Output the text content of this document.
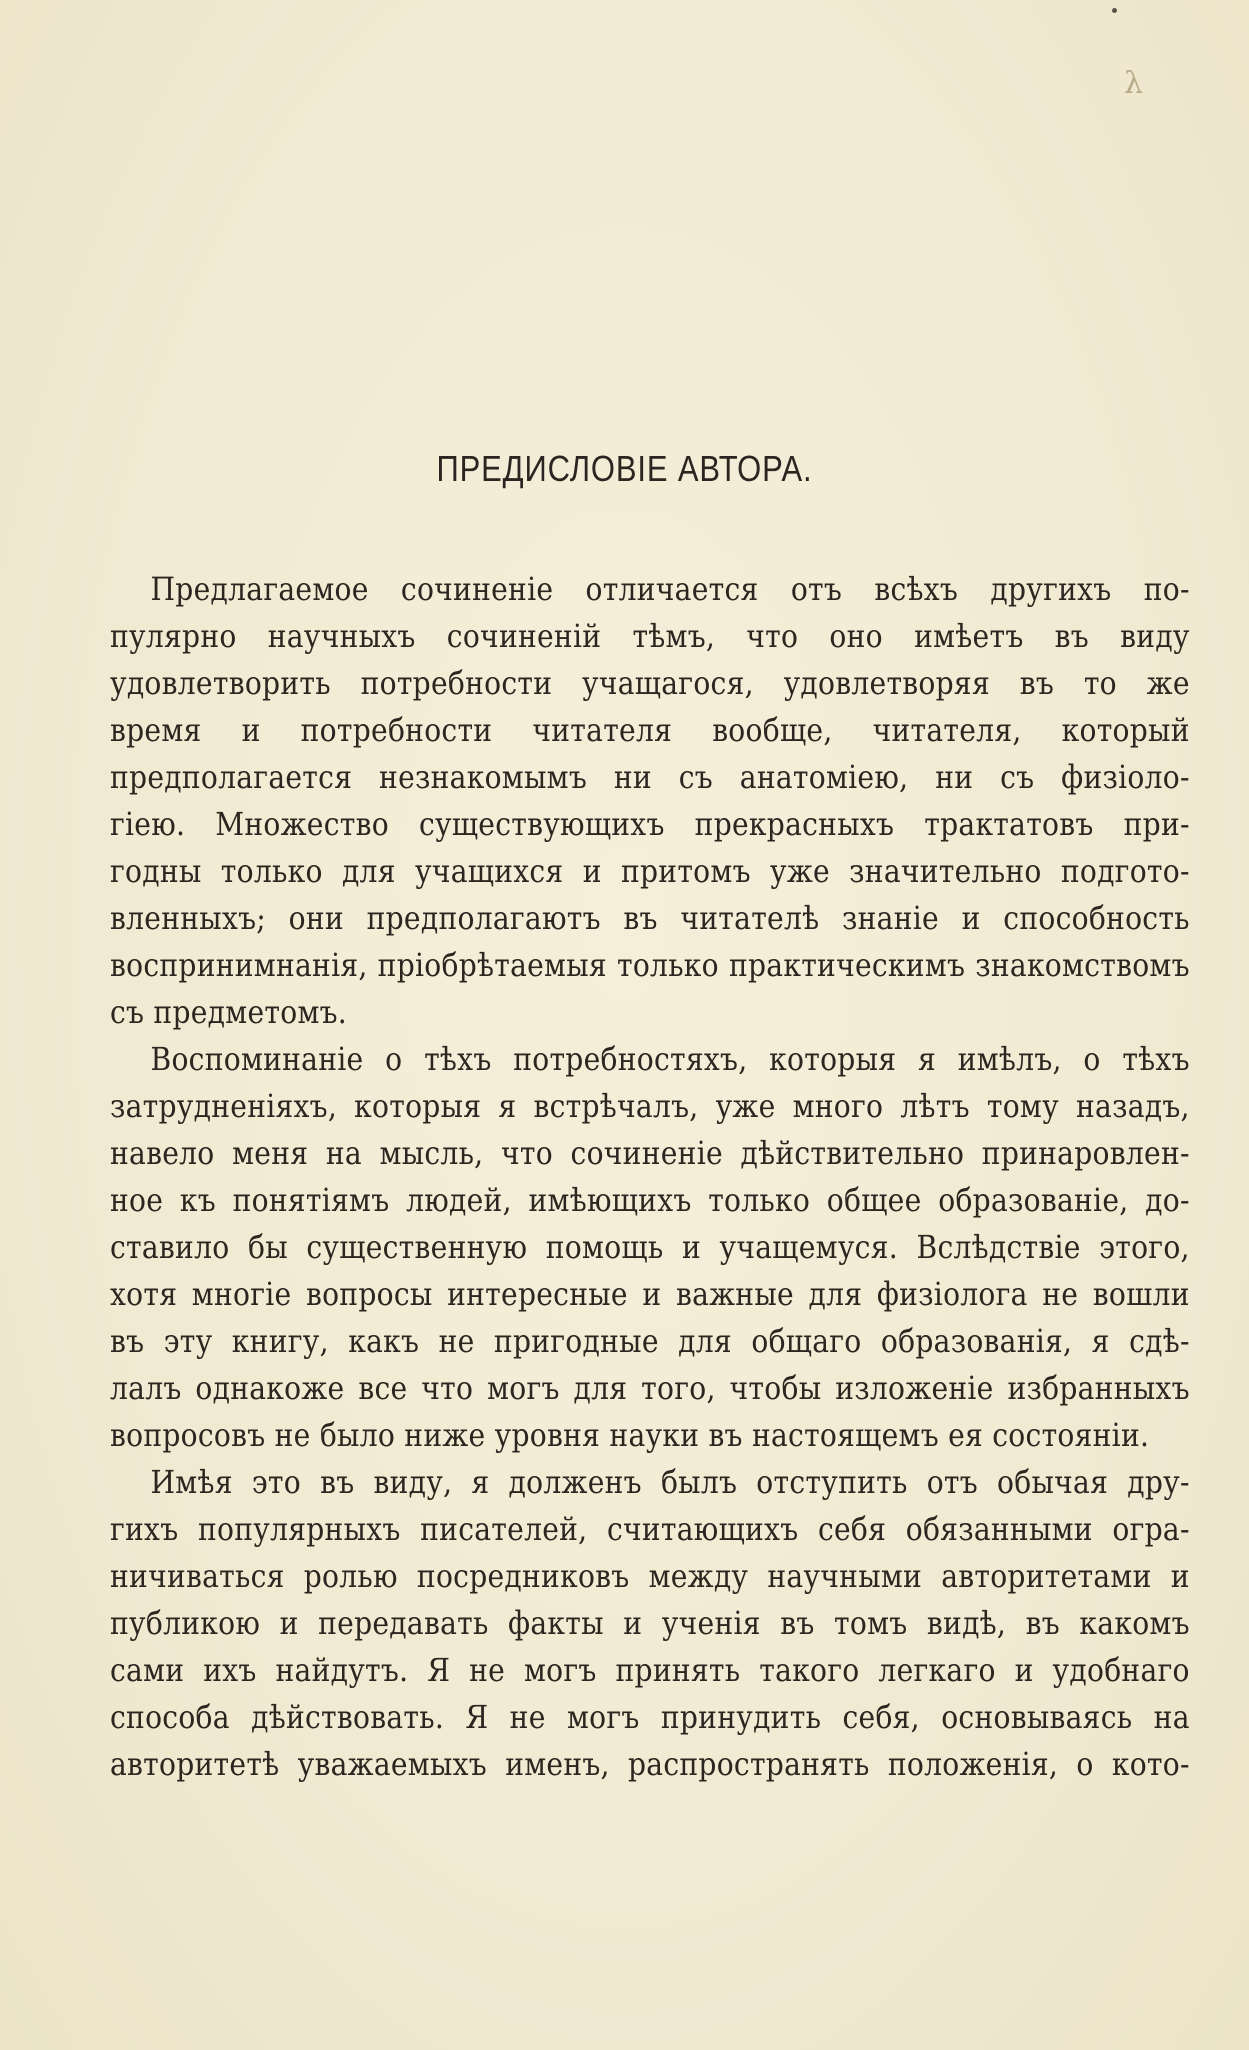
λ
ПРЕДИСЛОВІЕ АВТОРА.
Предлагаемое сочиненіе отличается отъ всѣхъ другихъ по-
пулярно научныхъ сочиненій тѣмъ, что оно имѣетъ въ виду
удовлетворить потребности учащагося, удовлетворяя въ то же
время и потребности читателя вообще, читателя, который
предполагается незнакомымъ ни съ анатоміею, ни съ физіоло-
гіею. Множество существующихъ прекрасныхъ трактатовъ при-
годны только для учащихся и притомъ уже значительно подгото-
вленныхъ; они предполагаютъ въ читателѣ знаніе и способность
воспринимнанія, пріобрѣтаемыя только практическимъ знакомствомъ
съ предметомъ.
Воспоминаніе о тѣхъ потребностяхъ, которыя я имѣлъ, о тѣхъ
затрудненіяхъ, которыя я встрѣчалъ, уже много лѣтъ тому назадъ,
навело меня на мысль, что сочиненіе дѣйствительно принаровлен-
ное къ понятіямъ людей, имѣющихъ только общее образованіе, до-
ставило бы существенную помощь и учащемуся. Вслѣдствіе этого,
хотя многіе вопросы интересные и важные для физіолога не вошли
въ эту книгу, какъ не пригодные для общаго образованія, я сдѣ-
лалъ однакоже все что могъ для того, чтобы изложеніе избранныхъ
вопросовъ не было ниже уровня науки въ настоящемъ ея состояніи.
Имѣя это въ виду, я долженъ былъ отступить отъ обычая дру-
гихъ популярныхъ писателей, считающихъ себя обязанными огра-
ничиваться ролью посредниковъ между научными авторитетами и
публикою и передавать факты и ученія въ томъ видѣ, въ какомъ
сами ихъ найдутъ. Я не могъ принять такого легкаго и удобнаго
способа дѣйствовать. Я не могъ принудить себя, основываясь на
авторитетѣ уважаемыхъ именъ, распространять положенія, о кото-
